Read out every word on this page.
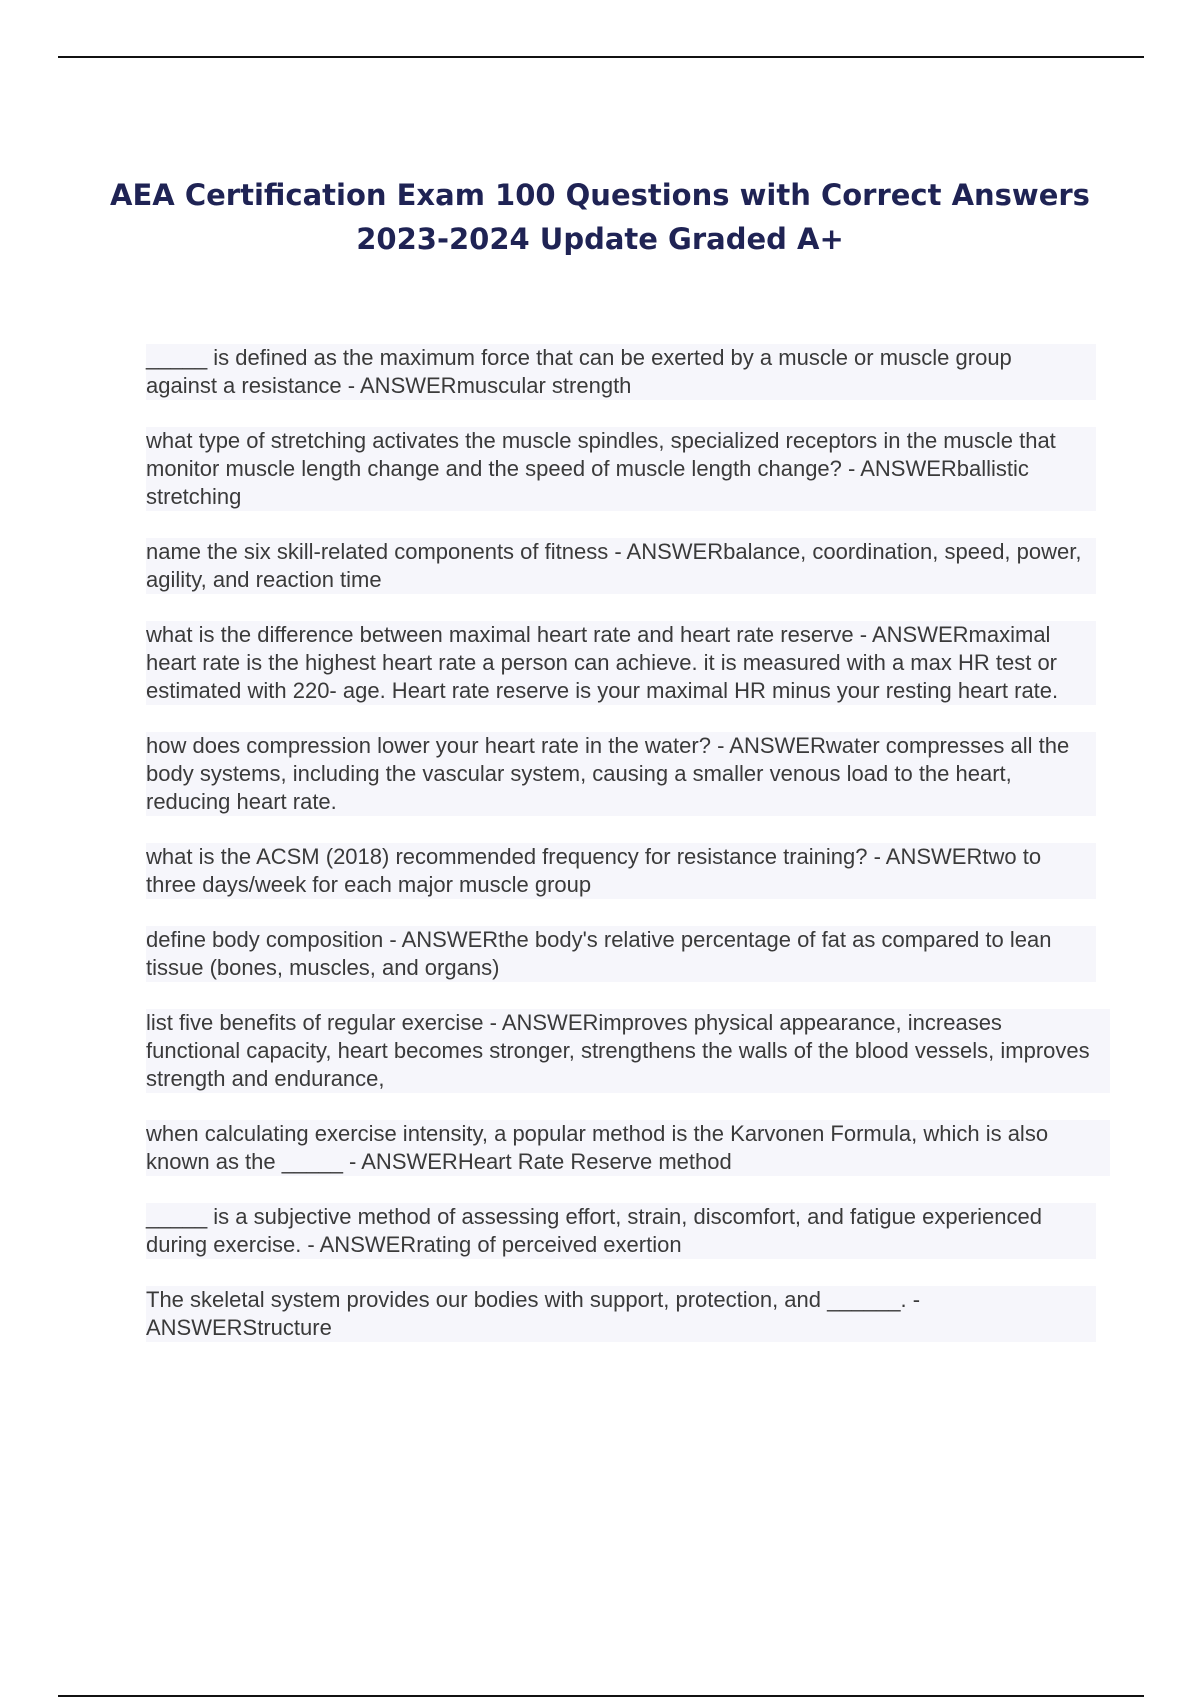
AEA Certification Exam 100 Questions with Correct Answers 2023-2024 Update Graded A+
_____ is defined as the maximum force that can be exerted by a muscle or muscle group against a resistance - ANSWERmuscular strength
what type of stretching activates the muscle spindles, specialized receptors in the muscle that monitor muscle length change and the speed of muscle length change? - ANSWERballistic stretching
name the six skill-related components of fitness - ANSWERbalance, coordination, speed, power, agility, and reaction time
what is the difference between maximal heart rate and heart rate reserve - ANSWERmaximal heart rate is the highest heart rate a person can achieve. it is measured with a max HR test or estimated with 220- age. Heart rate reserve is your maximal HR minus your resting heart rate.
how does compression lower your heart rate in the water? - ANSWERwater compresses all the body systems, including the vascular system, causing a smaller venous load to the heart, reducing heart rate.
what is the ACSM (2018) recommended frequency for resistance training? - ANSWERtwo to three days/week for each major muscle group
define body composition - ANSWERthe body's relative percentage of fat as compared to lean tissue (bones, muscles, and organs)
list five benefits of regular exercise - ANSWERimproves physical appearance, increases functional capacity, heart becomes stronger, strengthens the walls of the blood vessels, improves strength and endurance,
when calculating exercise intensity, a popular method is the Karvonen Formula, which is also known as the _____ - ANSWERHeart Rate Reserve method
_____ is a subjective method of assessing effort, strain, discomfort, and fatigue experienced during exercise. - ANSWERrating of perceived exertion
The skeletal system provides our bodies with support, protection, and ______. - ANSWERStructure
